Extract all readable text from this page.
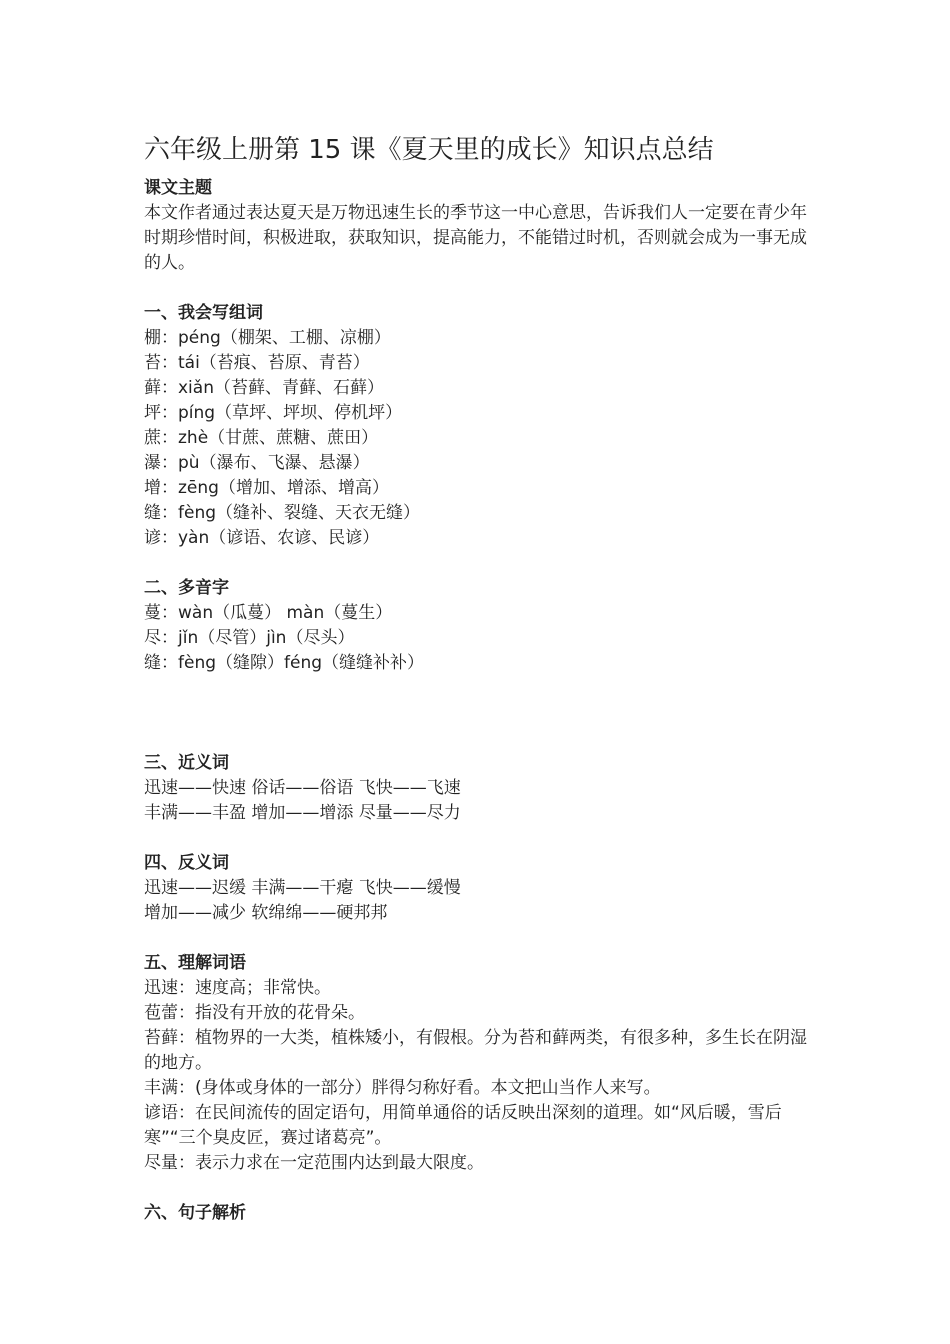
六年级上册第 15 课《夏天里的成长》知识点总结
课文主题
本文作者通过表达夏天是万物迅速生长的季节这一中心意思，告诉我们人一定要在青少年时期珍惜时间，积极进取，获取知识，提高能力，不能错过时机，否则就会成为一事无成的人。
一、我会写组词
棚：péng（棚架、工棚、凉棚）
苔：tái（苔痕、苔原、青苔）
藓：xiǎn（苔藓、青藓、石藓）
坪：píng（草坪、坪坝、停机坪）
蔗：zhè（甘蔗、蔗糖、蔗田）
瀑：pù（瀑布、飞瀑、悬瀑）
增：zēng（增加、增添、增高）
缝：fèng（缝补、裂缝、天衣无缝）
谚：yàn（谚语、农谚、民谚）
二、多音字
蔓：wàn（瓜蔓） màn（蔓生）
尽：jǐn（尽管）jìn（尽头）
缝：fèng（缝隙）féng（缝缝补补）
三、近义词
迅速——快速 俗话——俗语 飞快——飞速
丰满——丰盈 增加——增添 尽量——尽力
四、反义词
迅速——迟缓 丰满——干瘪 飞快——缓慢
增加——减少 软绵绵——硬邦邦
五、理解词语
迅速：速度高；非常快。
苞蕾：指没有开放的花骨朵。
苔藓：植物界的一大类，植株矮小，有假根。分为苔和藓两类，有很多种，多生长在阴湿的地方。
丰满：(身体或身体的一部分）胖得匀称好看。本文把山当作人来写。
谚语：在民间流传的固定语句，用简单通俗的话反映出深刻的道理。如“风后暖，雪后寒”“三个臭皮匠，赛过诸葛亮”。
尽量：表示力求在一定范围内达到最大限度。
六、句子解析
